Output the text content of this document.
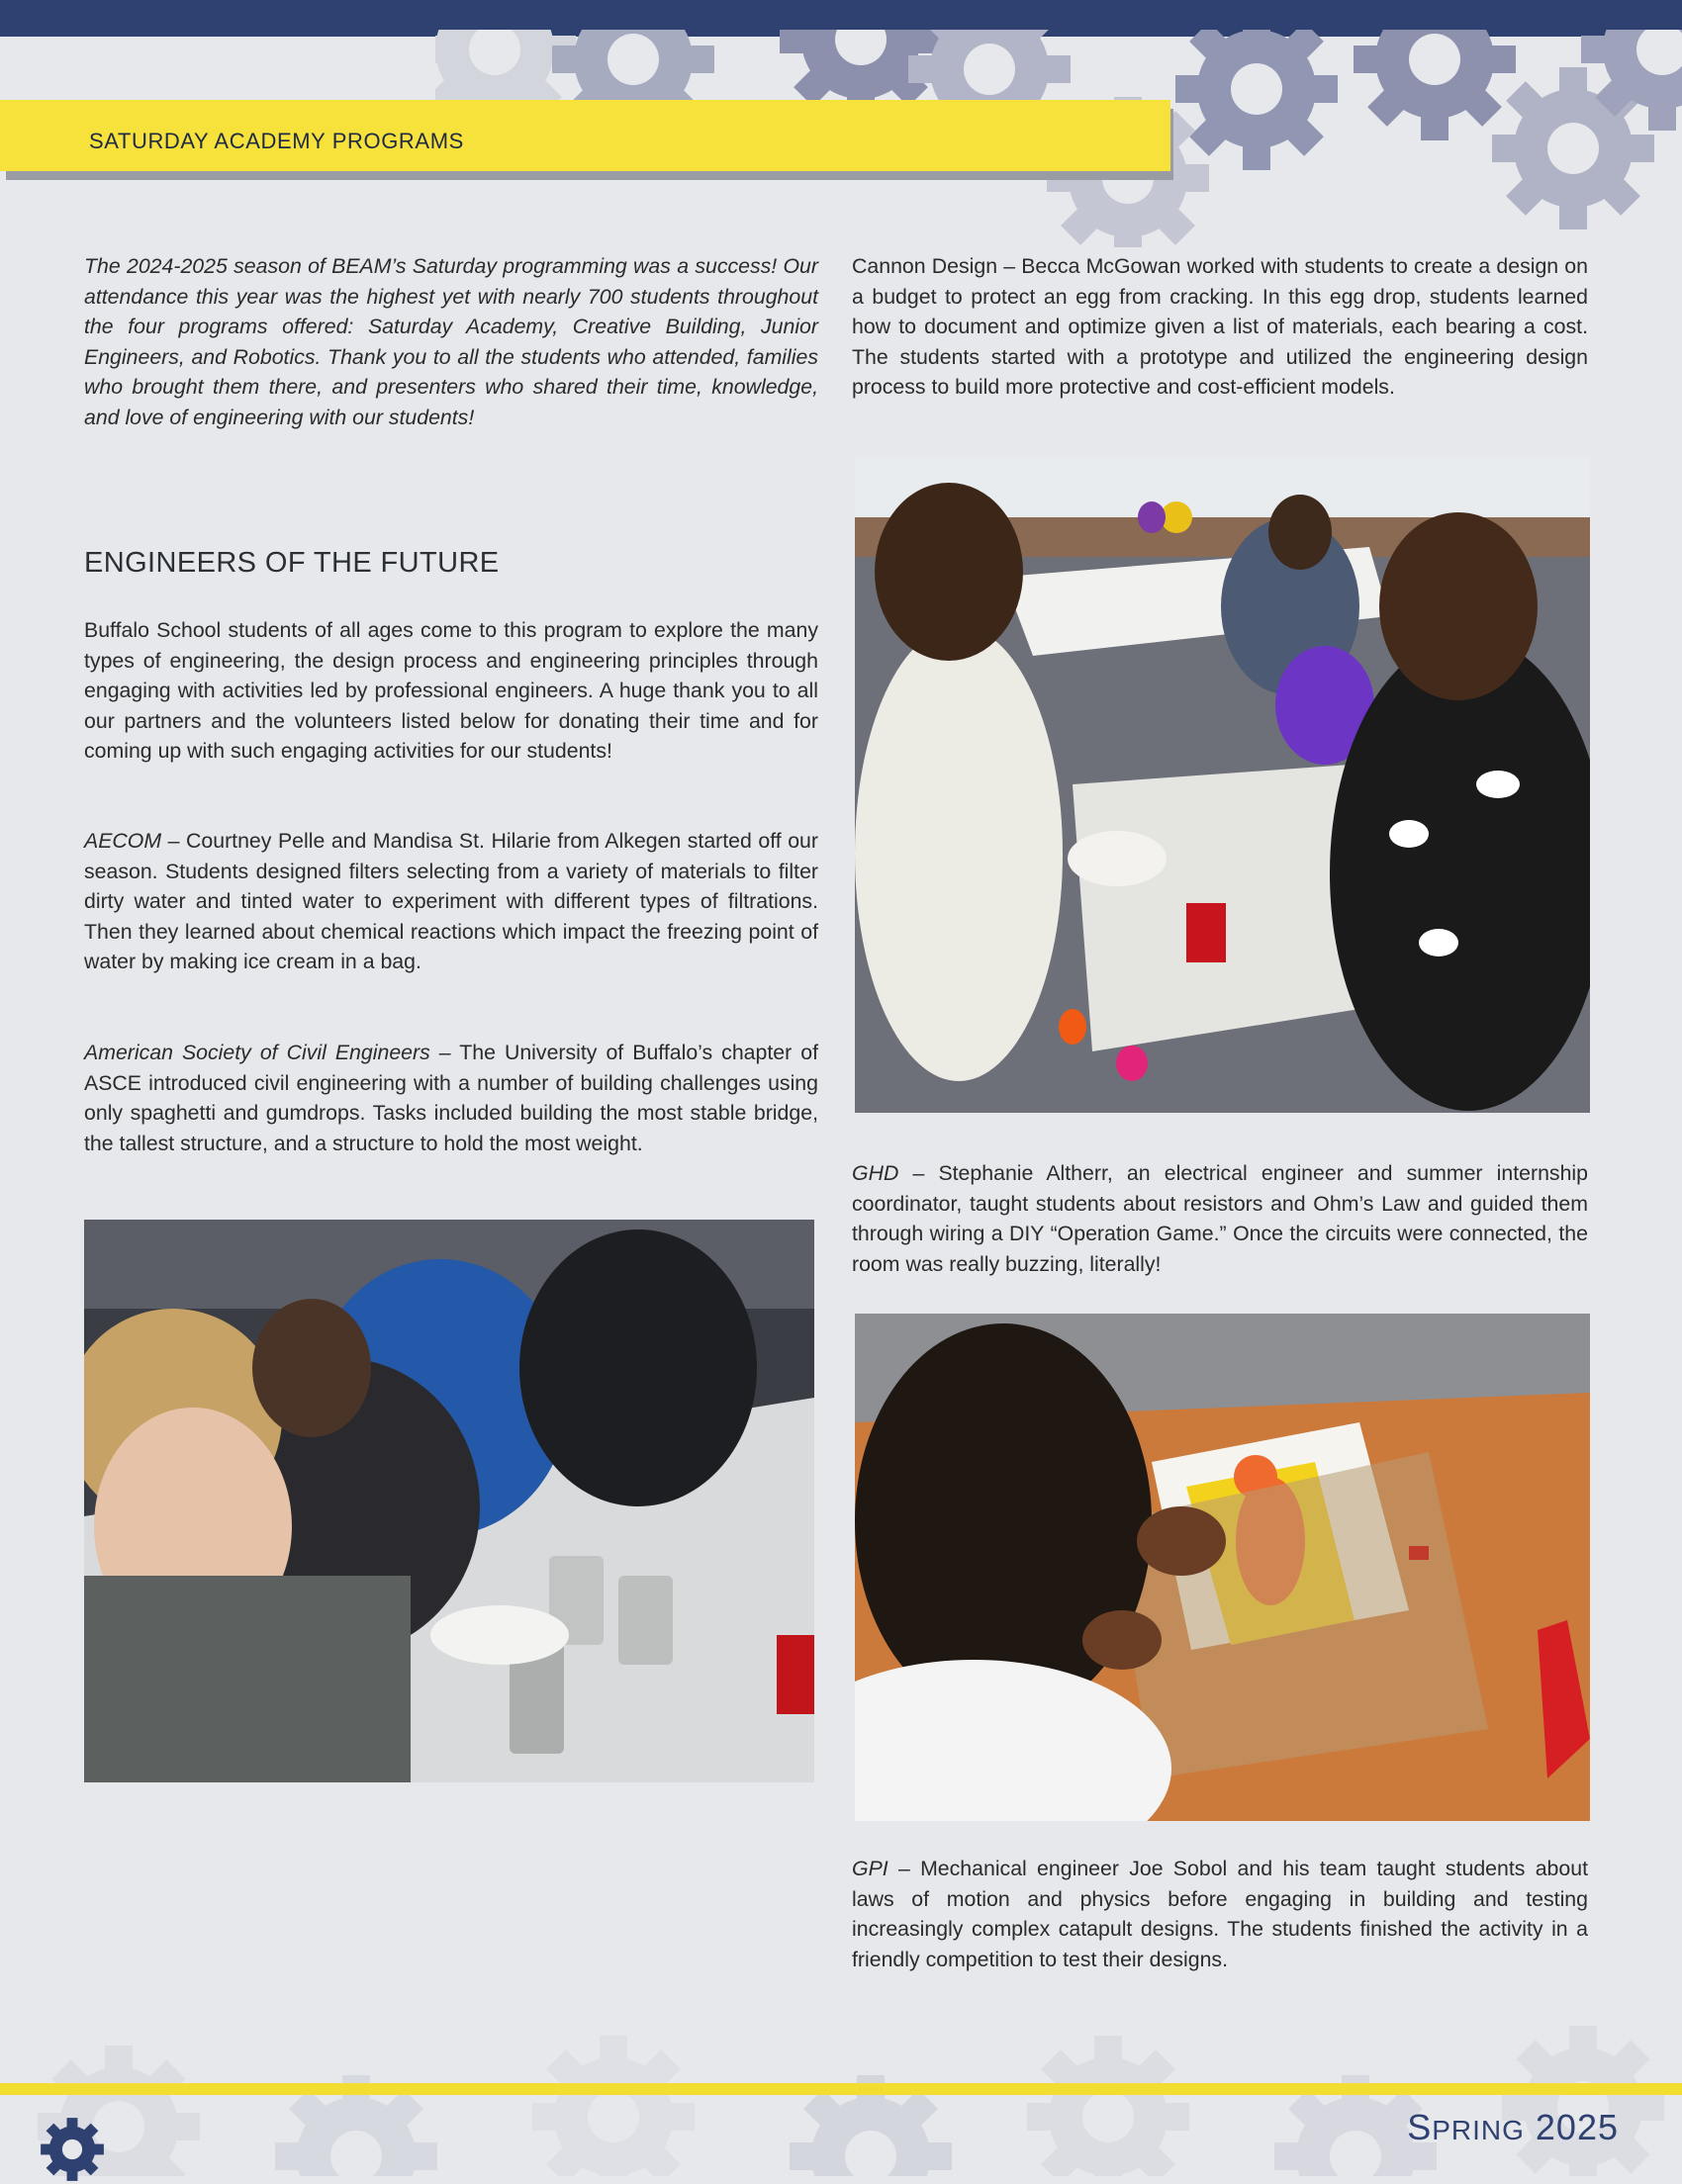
SATURDAY ACADEMY PROGRAMS

The 2024-2025 season of BEAM’s Saturday programming was a success! Our attendance this year was the highest yet with nearly 700 students throughout the four programs offered: Saturday Academy, Creative Building, Junior Engineers, and Robotics. Thank you to all the students who attended, families who brought them there, and presenters who shared their time, knowledge, and love of engineering with our students!

ENGINEERS OF THE FUTURE

Buffalo School students of all ages come to this program to explore the many types of engineering, the design process and engineering principles through engaging with activities led by professional engineers. A huge thank you to all our partners and the volunteers listed below for donating their time and for coming up with such engaging activities for our students!

AECOM – Courtney Pelle and Mandisa St. Hilarie from Alkegen started off our season. Students designed filters selecting from a variety of materials to filter dirty water and tinted water to experiment with different types of filtrations. Then they learned about chemical reactions which impact the freezing point of water by making ice cream in a bag.

American Society of Civil Engineers – The University of Buffalo’s chapter of ASCE introduced civil engineering with a number of building challenges using only spaghetti and gumdrops. Tasks included building the most stable bridge, the tallest structure, and a structure to hold the most weight.

Cannon Design – Becca McGowan worked with students to create a design on a budget to protect an egg from cracking. In this egg drop, students learned how to document and optimize given a list of materials, each bearing a cost. The students started with a prototype and utilized the engineering design process to build more protective and cost-efficient models.

GHD – Stephanie Altherr, an electrical engineer and summer internship coordinator, taught students about resistors and Ohm’s Law and guided them through wiring a DIY “Operation Game.” Once the circuits were connected, the room was really buzzing, literally!

GPI – Mechanical engineer Joe Sobol and his team taught students about laws of motion and physics before engaging in building and testing increasingly complex catapult designs. The students finished the activity in a friendly competition to test their designs.

SPRING 2025
